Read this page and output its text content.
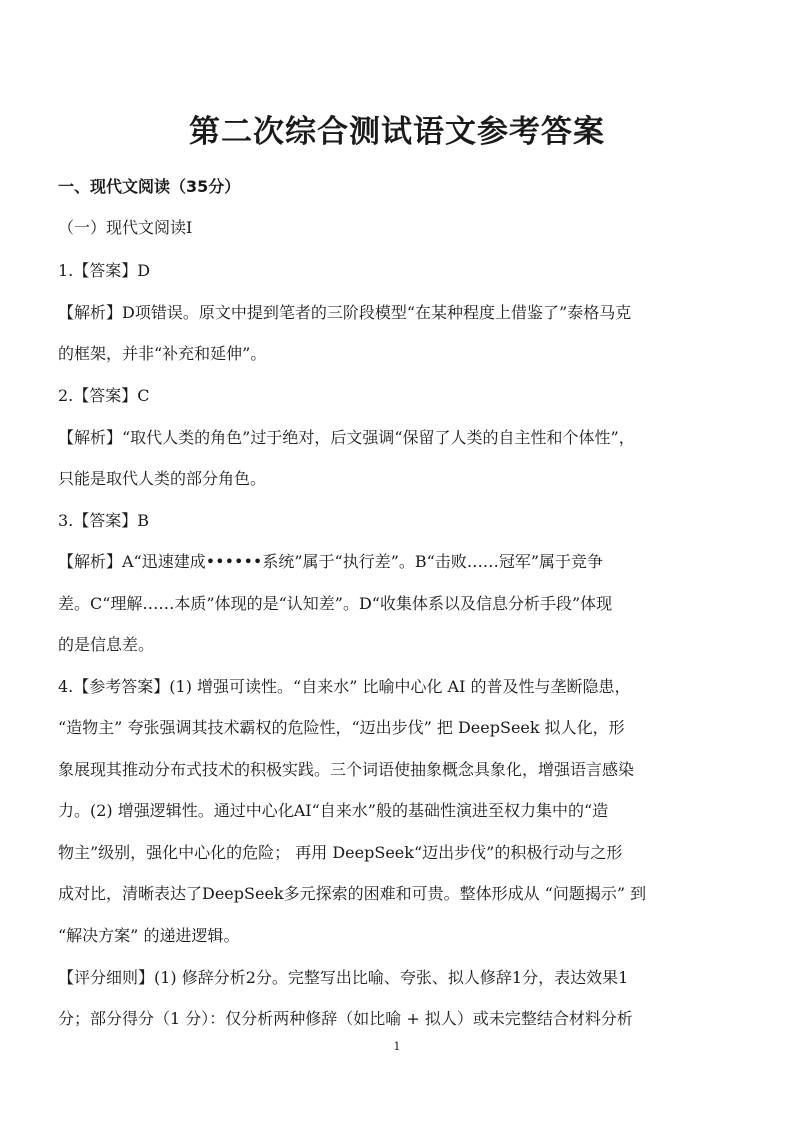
第二次综合测试语文参考答案
一、现代文阅读（35分）
（一）现代文阅读Ⅰ
1.【答案】D
【解析】D项错误。原文中提到笔者的三阶段模型“在某种程度上借鉴了”泰格马克
的框架，并非“补充和延伸”。
2.【答案】C
【解析】“取代人类的角色”过于绝对，后文强调“保留了人类的自主性和个体性”，
只能是取代人类的部分角色。
3.【答案】B
【解析】A“迅速建成••••••系统”属于“执行差”。B“击败……冠军”属于竞争
差。C“理解……本质”体现的是“认知差”。D“收集体系以及信息分析手段”体现
的是信息差。
4.【参考答案】(1) 增强可读性。“自来水” 比喻中心化 AI 的普及性与垄断隐患，
“造物主” 夸张强调其技术霸权的危险性，“迈出步伐” 把 DeepSeek 拟人化，形
象展现其推动分布式技术的积极实践。三个词语使抽象概念具象化，增强语言感染
力。(2) 增强逻辑性。通过中心化AI“自来水”般的基础性演进至权力集中的“造
物主”级别，强化中心化的危险； 再用 DeepSeek“迈出步伐”的积极行动与之形
成对比，清晰表达了DeepSeek多元探索的困难和可贵。整体形成从 “问题揭示” 到
“解决方案” 的递进逻辑。
【评分细则】(1) 修辞分析2分。完整写出比喻、夸张、拟人修辞1分，表达效果1
分；部分得分（1 分）：仅分析两种修辞（如比喻 + 拟人）或未完整结合材料分析
1
